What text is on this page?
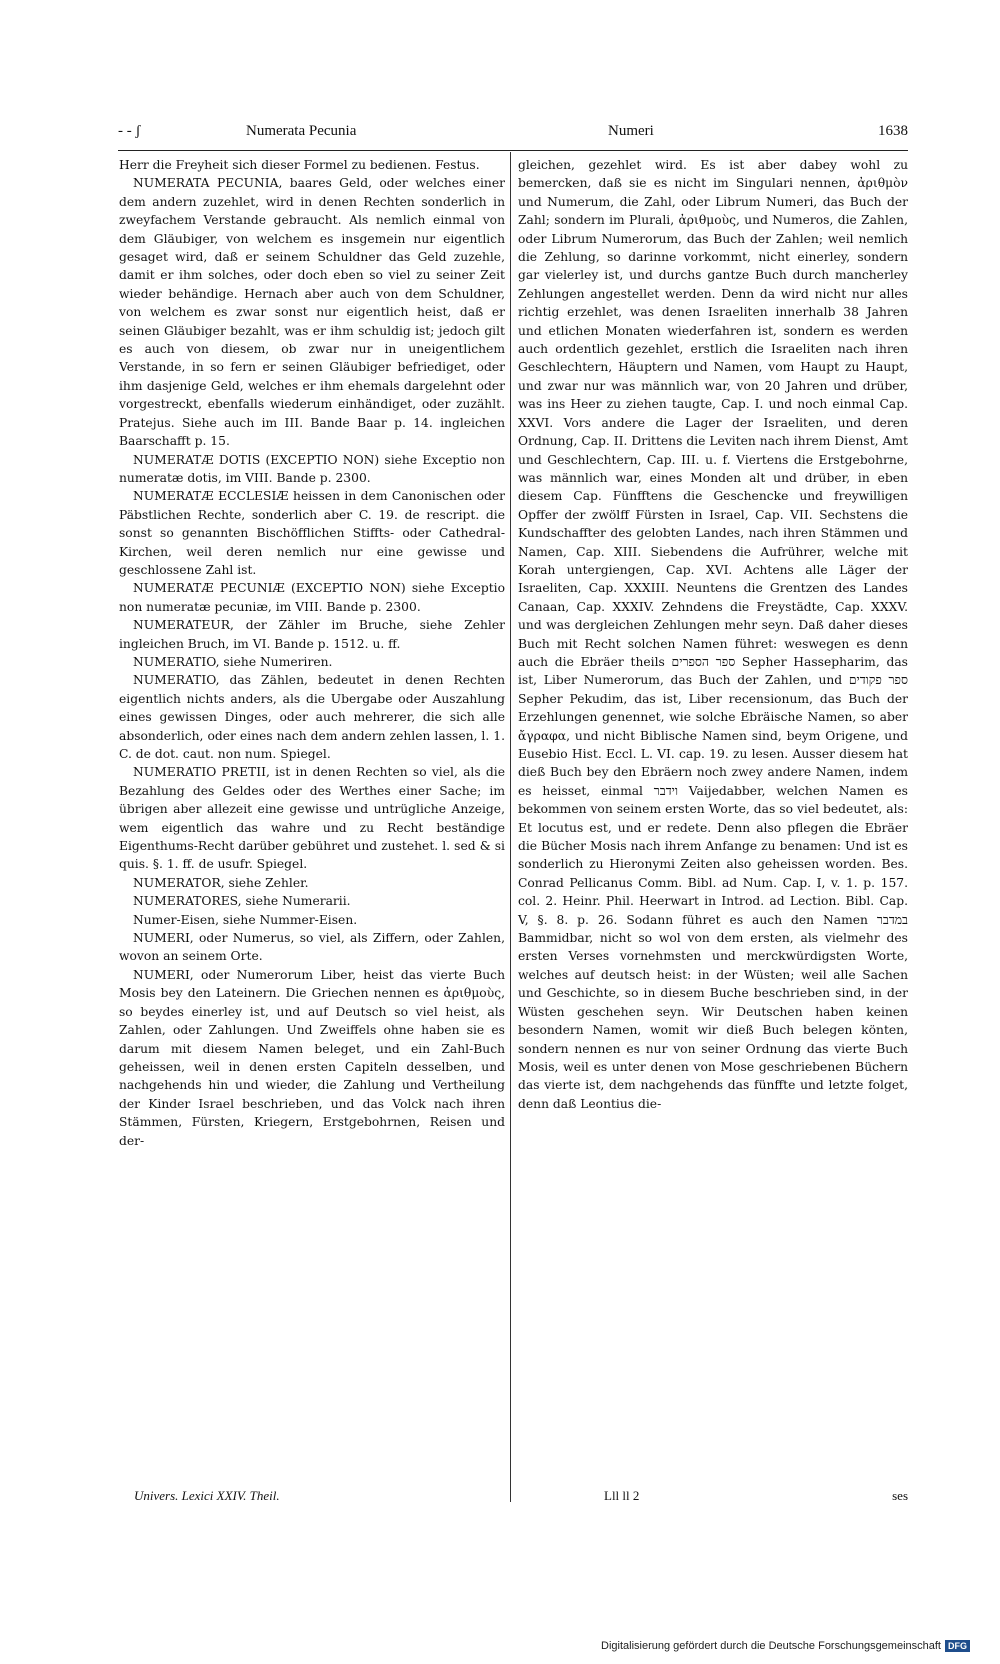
- - ʃ	Numerata Pecunia	Numeri	1638

Herr die Freyheit sich dieser Formel zu bedienen. Festus.

NUMERATA PECUNIA, baares Geld, oder welches einer dem andern zuzehlet, wird in denen Rechten sonderlich in zweyfachem Verstande gebraucht. Als nemlich einmal von dem Gläubiger, von welchem es insgemein nur eigentlich gesaget wird, daß er seinem Schuldner das Geld zuzehle, damit er ihm solches, oder doch eben so viel zu seiner Zeit wieder behändige. Hernach aber auch von dem Schuldner, von welchem es zwar sonst nur eigentlich heist, daß er seinen Gläubiger bezahlt, was er ihm schuldig ist; jedoch gilt es auch von diesem, ob zwar nur in uneigentlichem Verstande, in so fern er seinen Gläubiger befriediget, oder ihm dasjenige Geld, welches er ihm ehemals dargelehnt oder vorgestreckt, ebenfalls wiederum einhändiget, oder zuzählt. Pratejus. Siehe auch im III. Bande Baar p. 14. ingleichen Baarschafft p. 15.

NUMERATÆ DOTIS (EXCEPTIO NON) siehe Exceptio non numeratæ dotis, im VIII. Bande p. 2300.

NUMERATÆ ECCLESIÆ heissen in dem Canonischen oder Päbstlichen Rechte, sonderlich aber C. 19. de rescript. die sonst so genannten Bischöfflichen Stiffts- oder Cathedral-Kirchen, weil deren nemlich nur eine gewisse und geschlossene Zahl ist.

NUMERATÆ PECUNIÆ (EXCEPTIO NON) siehe Exceptio non numeratæ pecuniæ, im VIII. Bande p. 2300.

NUMERATEUR, der Zähler im Bruche, siehe Zehler ingleichen Bruch, im VI. Bande p. 1512. u. ff.

NUMERATIO, siehe Numeriren.

NUMERATIO, das Zählen, bedeutet in denen Rechten eigentlich nichts anders, als die Ubergabe oder Auszahlung eines gewissen Dinges, oder auch mehrerer, die sich alle absonderlich, oder eines nach dem andern zehlen lassen, l. 1. C. de dot. caut. non num. Spiegel.

NUMERATIO PRETII, ist in denen Rechten so viel, als die Bezahlung des Geldes oder des Werthes einer Sache; im übrigen aber allezeit eine gewisse und untrügliche Anzeige, wem eigentlich das wahre und zu Recht beständige Eigenthums-Recht darüber gebühret und zustehet. l. sed & si quis. §. 1. ff. de usufr. Spiegel.

NUMERATOR, siehe Zehler.

NUMERATORES, siehe Numerarii.

Numer-Eisen, siehe Nummer-Eisen.

NUMERI, oder Numerus, so viel, als Ziffern, oder Zahlen, wovon an seinem Orte.

NUMERI, oder Numerorum Liber, heist das vierte Buch Mosis bey den Lateinern. Die Griechen nennen es ἀριθμοὺς, so beydes einerley ist, und auf Deutsch so viel heist, als Zahlen, oder Zahlungen. Und Zweiffels ohne haben sie es darum mit diesem Namen beleget, und ein Zahl-Buch geheissen, weil in denen ersten Capiteln desselben, und nachgehends hin und wieder, die Zahlung und Vertheilung der Kinder Israel beschrieben, und das Volck nach ihren Stämmen, Fürsten, Kriegern, Erstgebohrnen, Reisen und der-

gleichen, gezehlet wird. Es ist aber dabey wohl zu bemercken, daß sie es nicht im Singulari nennen, ἀριθμὸν und Numerum, die Zahl, oder Librum Numeri, das Buch der Zahl; sondern im Plurali, ἀριθμοὺς, und Numeros, die Zahlen, oder Librum Numerorum, das Buch der Zahlen; weil nemlich die Zehlung, so darinne vorkommt, nicht einerley, sondern gar vielerley ist, und durchs gantze Buch durch mancherley Zehlungen angestellet werden. Denn da wird nicht nur alles richtig erzehlet, was denen Israeliten innerhalb 38 Jahren und etlichen Monaten wiederfahren ist, sondern es werden auch ordentlich gezehlet, erstlich die Israeliten nach ihren Geschlechtern, Häuptern und Namen, vom Haupt zu Haupt, und zwar nur was männlich war, von 20 Jahren und drüber, was ins Heer zu ziehen taugte, Cap. I. und noch einmal Cap. XXVI. Vors andere die Lager der Israeliten, und deren Ordnung, Cap. II. Drittens die Leviten nach ihrem Dienst, Amt und Geschlechtern, Cap. III. u. f. Viertens die Erstgebohrne, was männlich war, eines Monden alt und drüber, in eben diesem Cap. Fünfftens die Geschencke und freywilligen Opffer der zwölff Fürsten in Israel, Cap. VII. Sechstens die Kundschaffter des gelobten Landes, nach ihren Stämmen und Namen, Cap. XIII. Siebendens die Aufrührer, welche mit Korah untergiengen, Cap. XVI. Achtens alle Läger der Israeliten, Cap. XXXIII. Neuntens die Grentzen des Landes Canaan, Cap. XXXIV. Zehndens die Freystädte, Cap. XXXV. und was dergleichen Zehlungen mehr seyn. Daß daher dieses Buch mit Recht solchen Namen führet: weswegen es denn auch die Ebräer theils ספר הספרים Sepher Hassepharim, das ist, Liber Numerorum, das Buch der Zahlen, und ספר פקודים Sepher Pekudim, das ist, Liber recensionum, das Buch der Erzehlungen genennet, wie solche Ebräische Namen, so aber ἄγραφα, und nicht Biblische Namen sind, beym Origene, und Eusebio Hist. Eccl. L. VI. cap. 19. zu lesen. Ausser diesem hat dieß Buch bey den Ebräern noch zwey andere Namen, indem es heisset, einmal וידבר Vaijedabber, welchen Namen es bekommen von seinem ersten Worte, das so viel bedeutet, als: Et locutus est, und er redete. Denn also pflegen die Ebräer die Bücher Mosis nach ihrem Anfange zu benamen: Und ist es sonderlich zu Hieronymi Zeiten also geheissen worden. Bes. Conrad Pellicanus Comm. Bibl. ad Num. Cap. I, v. 1. p. 157. col. 2. Heinr. Phil. Heerwart in Introd. ad Lection. Bibl. Cap. V, §. 8. p. 26. Sodann führet es auch den Namen במדבר Bammidbar, nicht so wol von dem ersten, als vielmehr des ersten Verses vornehmsten und merckwürdigsten Worte, welches auf deutsch heist: in der Wüsten; weil alle Sachen und Geschichte, so in diesem Buche beschrieben sind, in der Wüsten geschehen seyn. Wir Deutschen haben keinen besondern Namen, womit wir dieß Buch belegen könten, sondern nennen es nur von seiner Ordnung das vierte Buch Mosis, weil es unter denen von Mose geschriebenen Büchern das vierte ist, dem nachgehends das fünffte und letzte folget, denn daß Leontius die-

Univers. Lexici XXIV. Theil.	Lll ll 2	ses
Digitalisierung gefördert durch die Deutsche Forschungsgemeinschaft DFG
